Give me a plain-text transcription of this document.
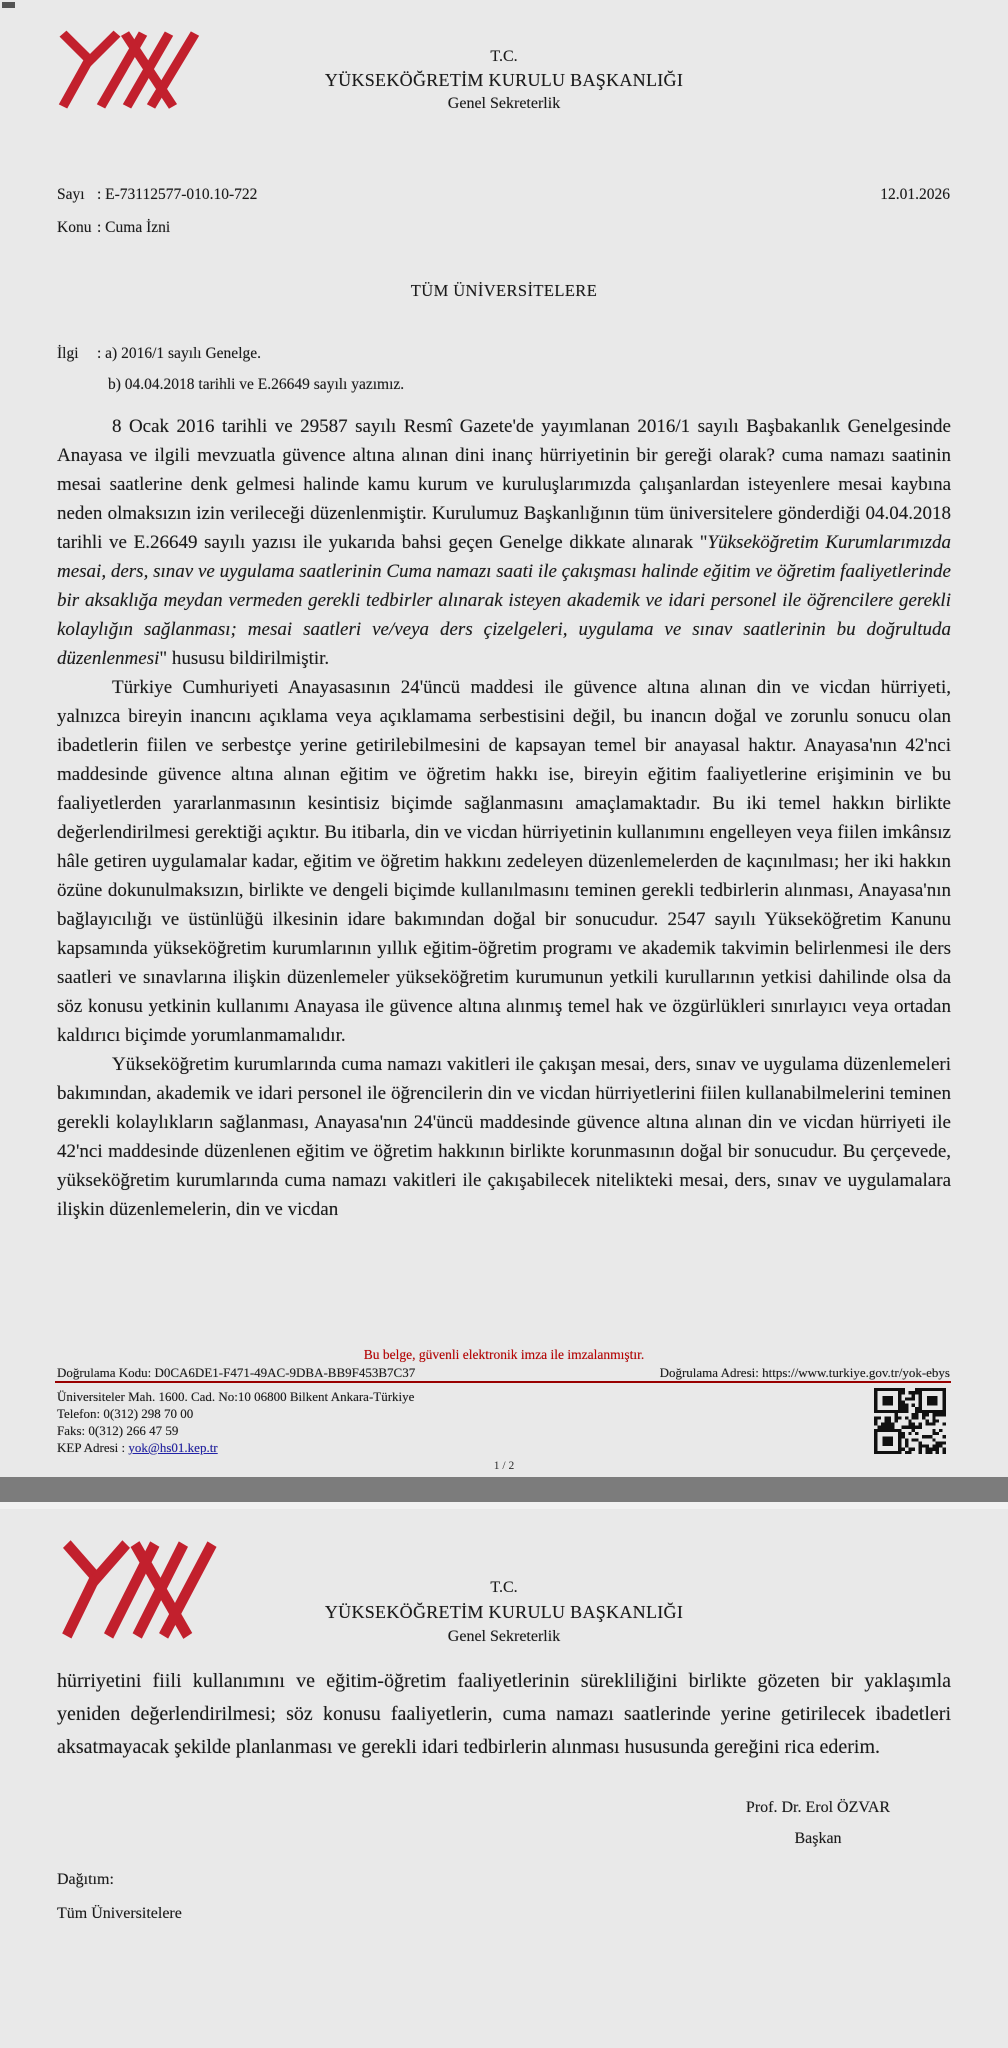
T.C.
YÜKSEKÖĞRETİM KURULU BAŞKANLIĞI
Genel Sekreterlik
Sayı : E-73112577-010.10-722	12.01.2026
Konu : Cuma İzni
TÜM ÜNİVERSİTELERE
İlgi : a) 2016/1 sayılı Genelge.
b) 04.04.2018 tarihli ve E.26649 sayılı yazımız.

8 Ocak 2016 tarihli ve 29587 sayılı Resmî Gazete'de yayımlanan 2016/1 sayılı Başbakanlık Genelgesinde Anayasa ve ilgili mevzuatla güvence altına alınan dini inanç hürriyetinin bir gereği olarak? cuma namazı saatinin mesai saatlerine denk gelmesi halinde kamu kurum ve kuruluşlarımızda çalışanlardan isteyenlere mesai kaybına neden olmaksızın izin verileceği düzenlenmiştir. Kurulumuz Başkanlığının tüm üniversitelere gönderdiği 04.04.2018 tarihli ve E.26649 sayılı yazısı ile yukarıda bahsi geçen Genelge dikkate alınarak "Yükseköğretim Kurumlarımızda mesai, ders, sınav ve uygulama saatlerinin Cuma namazı saati ile çakışması halinde eğitim ve öğretim faaliyetlerinde bir aksaklığa meydan vermeden gerekli tedbirler alınarak isteyen akademik ve idari personel ile öğrencilere gerekli kolaylığın sağlanması; mesai saatleri ve/veya ders çizelgeleri, uygulama ve sınav saatlerinin bu doğrultuda düzenlenmesi" hususu bildirilmiştir.

Türkiye Cumhuriyeti Anayasasının 24'üncü maddesi ile güvence altına alınan din ve vicdan hürriyeti, yalnızca bireyin inancını açıklama veya açıklamama serbestisini değil, bu inancın doğal ve zorunlu sonucu olan ibadetlerin fiilen ve serbestçe yerine getirilebilmesini de kapsayan temel bir anayasal haktır. Anayasa'nın 42'nci maddesinde güvence altına alınan eğitim ve öğretim hakkı ise, bireyin eğitim faaliyetlerine erişiminin ve bu faaliyetlerden yararlanmasının kesintisiz biçimde sağlanmasını amaçlamaktadır. Bu iki temel hakkın birlikte değerlendirilmesi gerektiği açıktır. Bu itibarla, din ve vicdan hürriyetinin kullanımını engelleyen veya fiilen imkânsız hâle getiren uygulamalar kadar, eğitim ve öğretim hakkını zedeleyen düzenlemelerden de kaçınılması; her iki hakkın özüne dokunulmaksızın, birlikte ve dengeli biçimde kullanılmasını teminen gerekli tedbirlerin alınması, Anayasa'nın bağlayıcılığı ve üstünlüğü ilkesinin idare bakımından doğal bir sonucudur. 2547 sayılı Yükseköğretim Kanunu kapsamında yükseköğretim kurumlarının yıllık eğitim-öğretim programı ve akademik takvimin belirlenmesi ile ders saatleri ve sınavlarına ilişkin düzenlemeler yükseköğretim kurumunun yetkili kurullarının yetkisi dahilinde olsa da söz konusu yetkinin kullanımı Anayasa ile güvence altına alınmış temel hak ve özgürlükleri sınırlayıcı veya ortadan kaldırıcı biçimde yorumlanmamalıdır.

Yükseköğretim kurumlarında cuma namazı vakitleri ile çakışan mesai, ders, sınav ve uygulama düzenlemeleri bakımından, akademik ve idari personel ile öğrencilerin din ve vicdan hürriyetlerini fiilen kullanabilmelerini teminen gerekli kolaylıkların sağlanması, Anayasa'nın 24'üncü maddesinde güvence altına alınan din ve vicdan hürriyeti ile 42'nci maddesinde düzenlenen eğitim ve öğretim hakkının birlikte korunmasının doğal bir sonucudur. Bu çerçevede, yükseköğretim kurumlarında cuma namazı vakitleri ile çakışabilecek nitelikteki mesai, ders, sınav ve uygulamalara ilişkin düzenlemelerin, din ve vicdan

Bu belge, güvenli elektronik imza ile imzalanmıştır.
Doğrulama Kodu: D0CA6DE1-F471-49AC-9DBA-BB9F453B7C37	Doğrulama Adresi: https://www.turkiye.gov.tr/yok-ebys
Üniversiteler Mah. 1600. Cad. No:10 06800 Bilkent Ankara-Türkiye
Telefon: 0(312) 298 70 00
Faks: 0(312) 266 47 59
KEP Adresi : yok@hs01.kep.tr
1 / 2
T.C.
YÜKSEKÖĞRETİM KURULU BAŞKANLIĞI
Genel Sekreterlik
hürriyetini fiili kullanımını ve eğitim-öğretim faaliyetlerinin sürekliliğini birlikte gözeten bir yaklaşımla yeniden değerlendirilmesi; söz konusu faaliyetlerin, cuma namazı saatlerinde yerine getirilecek ibadetleri aksatmayacak şekilde planlanması ve gerekli idari tedbirlerin alınması hususunda gereğini rica ederim.
Prof. Dr. Erol ÖZVAR
Başkan
Dağıtım:
Tüm Üniversitelere
